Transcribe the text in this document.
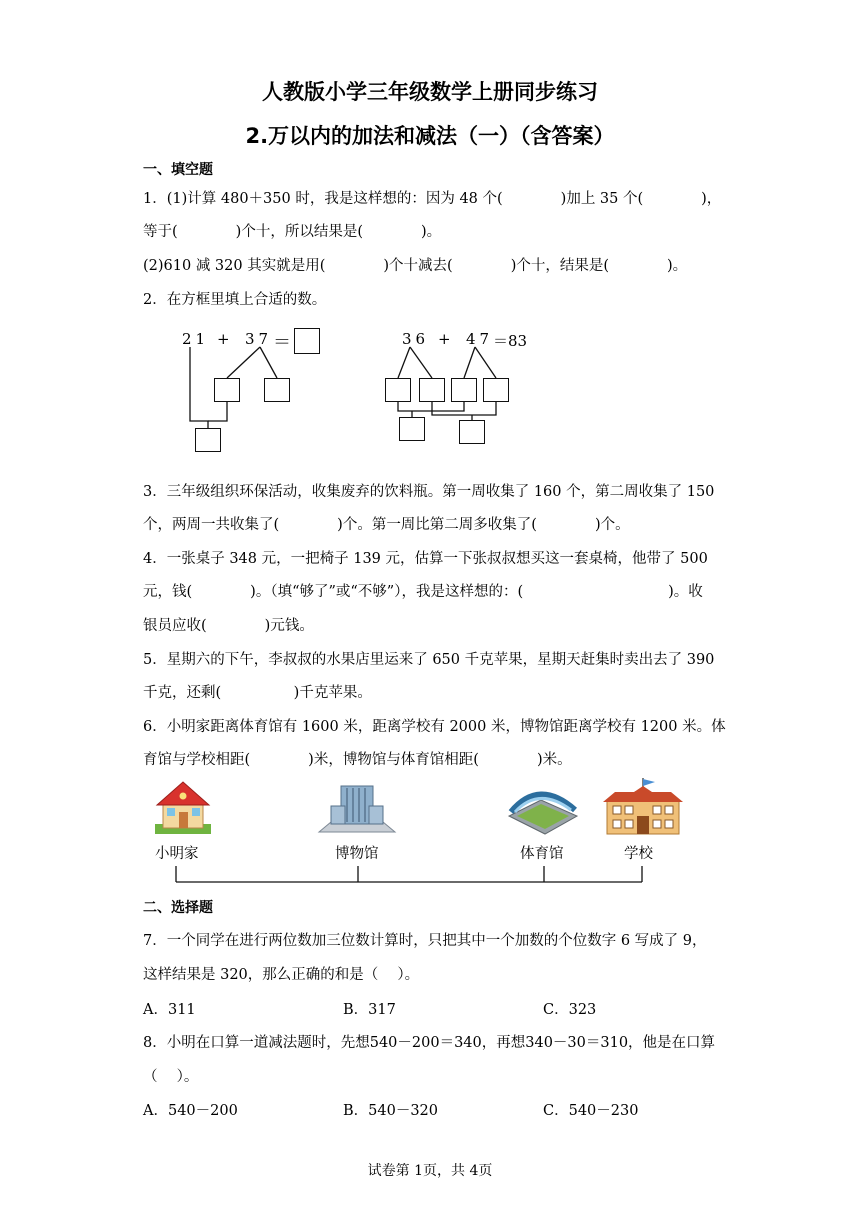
人教版小学三年级数学上册同步练习
2.万以内的加法和减法（一）（含答案）
一、填空题
1．(1)计算 480＋350 时，我是这样想的：因为 48 个(　　　　)加上 35 个(　　　　)，
等于(　　　　)个十，所以结果是(　　　　)。
(2)610 减 320 其实就是用(　　　　)个十减去(　　　　)个十，结果是(　　　　)。
2．在方框里填上合适的数。
21 + 37 ＝	36 + 47 ＝83
3．三年级组织环保活动，收集废弃的饮料瓶。第一周收集了 160 个，第二周收集了 150
个，两周一共收集了(　　　　)个。第一周比第二周多收集了(　　　　)个。
4．一张桌子 348 元，一把椅子 139 元，估算一下张叔叔想买这一套桌椅，他带了 500
元，钱(　　　　)。（填“够了”或“不够”），我是这样想的：(　　　　　　　　　　)。收
银员应收(　　　　)元钱。
5．星期六的下午，李叔叔的水果店里运来了 650 千克苹果，星期天赶集时卖出去了 390
千克，还剩(　　　　　)千克苹果。
6．小明家距离体育馆有 1600 米，距离学校有 2000 米，博物馆距离学校有 1200 米。体
育馆与学校相距(　　　　)米，博物馆与体育馆相距(　　　　)米。
小明家	博物馆	体育馆	学校
二、选择题
7．一个同学在进行两位数加三位数计算时，只把其中一个加数的个位数字 6 写成了 9，
这样结果是 320，那么正确的和是（　 ）。
A．311	B．317	C．323
8．小明在口算一道减法题时，先想540－200＝340，再想340－30＝310，他是在口算
（　 ）。
A．540－200	B．540－320	C．540－230
试卷第 1页，共 4页
